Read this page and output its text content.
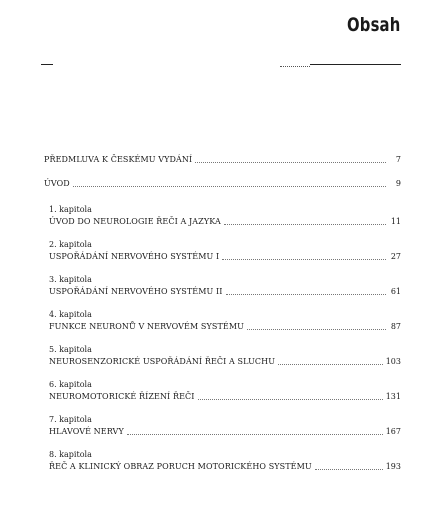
Obsah
PŘEDMLUVA K ČESKÉMU VYDÁNÍ	7
ÚVOD	9
1. kapitola
ÚVOD DO NEUROLOGIE ŘEČI A JAZYKA	11
2. kapitola
USPOŘÁDÁNÍ NERVOVÉHO SYSTÉMU I	27
3. kapitola
USPOŘÁDÁNÍ NERVOVÉHO SYSTÉMU II	61
4. kapitola
FUNKCE NEURONŮ V NERVOVÉM SYSTÉMU	87
5. kapitola
NEUROSENZORICKÉ USPOŘÁDÁNÍ ŘEČI A SLUCHU	103
6. kapitola
NEUROMOTORICKÉ ŘÍZENÍ ŘEČI	131
7. kapitola
HLAVOVÉ NERVY	167
8. kapitola
ŘEČ A KLINICKÝ OBRAZ PORUCH MOTORICKÉHO SYSTÉMU	193
